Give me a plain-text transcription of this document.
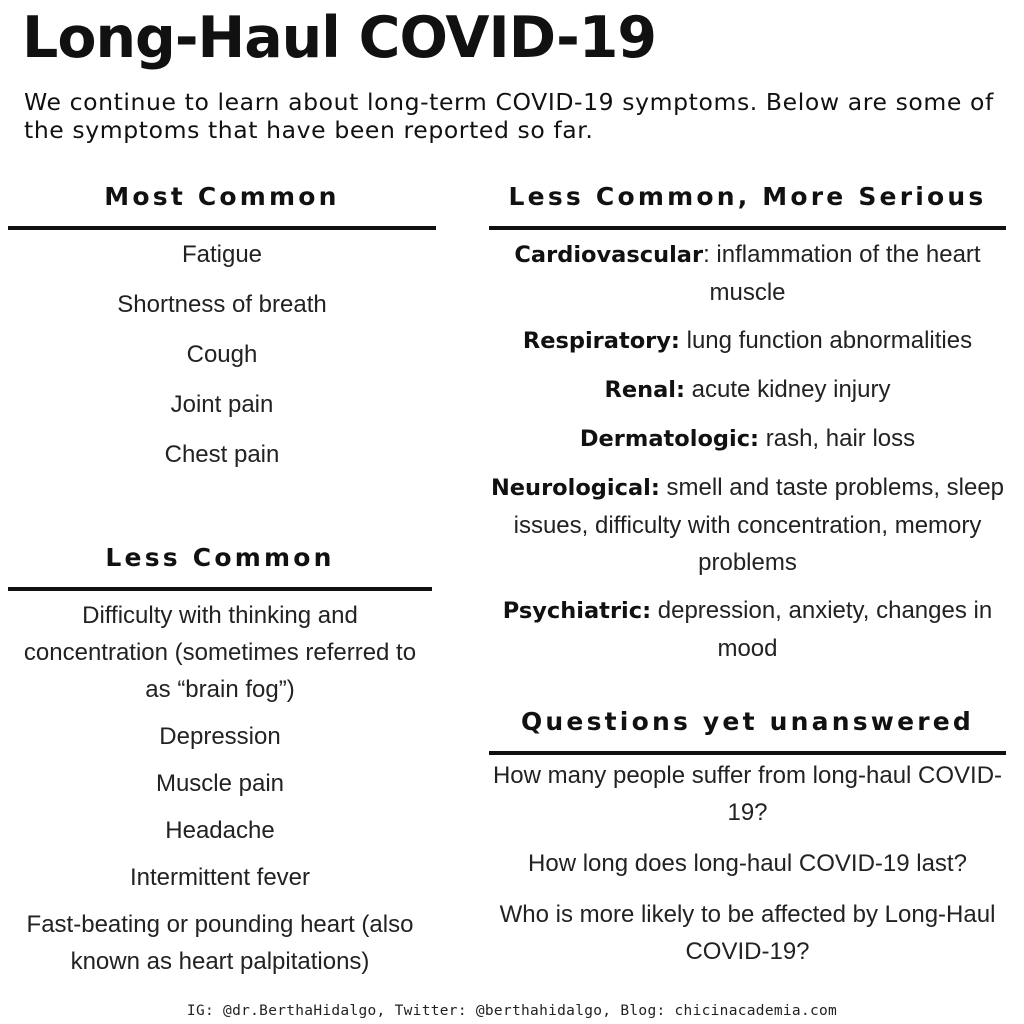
Long-Haul COVID-19

We continue to learn about long-term COVID-19 symptoms. Below are some of the symptoms that have been reported so far.

Most Common
Fatigue
Shortness of breath
Cough
Joint pain
Chest pain
Less Common
Difficulty with thinking and concentration (sometimes referred to as “brain fog”)
Depression
Muscle pain
Headache
Intermittent fever
Fast-beating or pounding heart (also known as heart palpitations)
Less Common, More Serious
Cardiovascular: inflammation of the heart muscle
Respiratory: lung function abnormalities
Renal: acute kidney injury
Dermatologic: rash, hair loss
Neurological: smell and taste problems, sleep issues, difficulty with concentration, memory problems
Psychiatric: depression, anxiety, changes in mood
Questions yet unanswered
How many people suffer from long-haul COVID-19?
How long does long-haul COVID-19 last?
Who is more likely to be affected by Long-Haul COVID-19?
IG: @dr.BerthaHidalgo, Twitter: @berthahidalgo, Blog: chicinacademia.com
